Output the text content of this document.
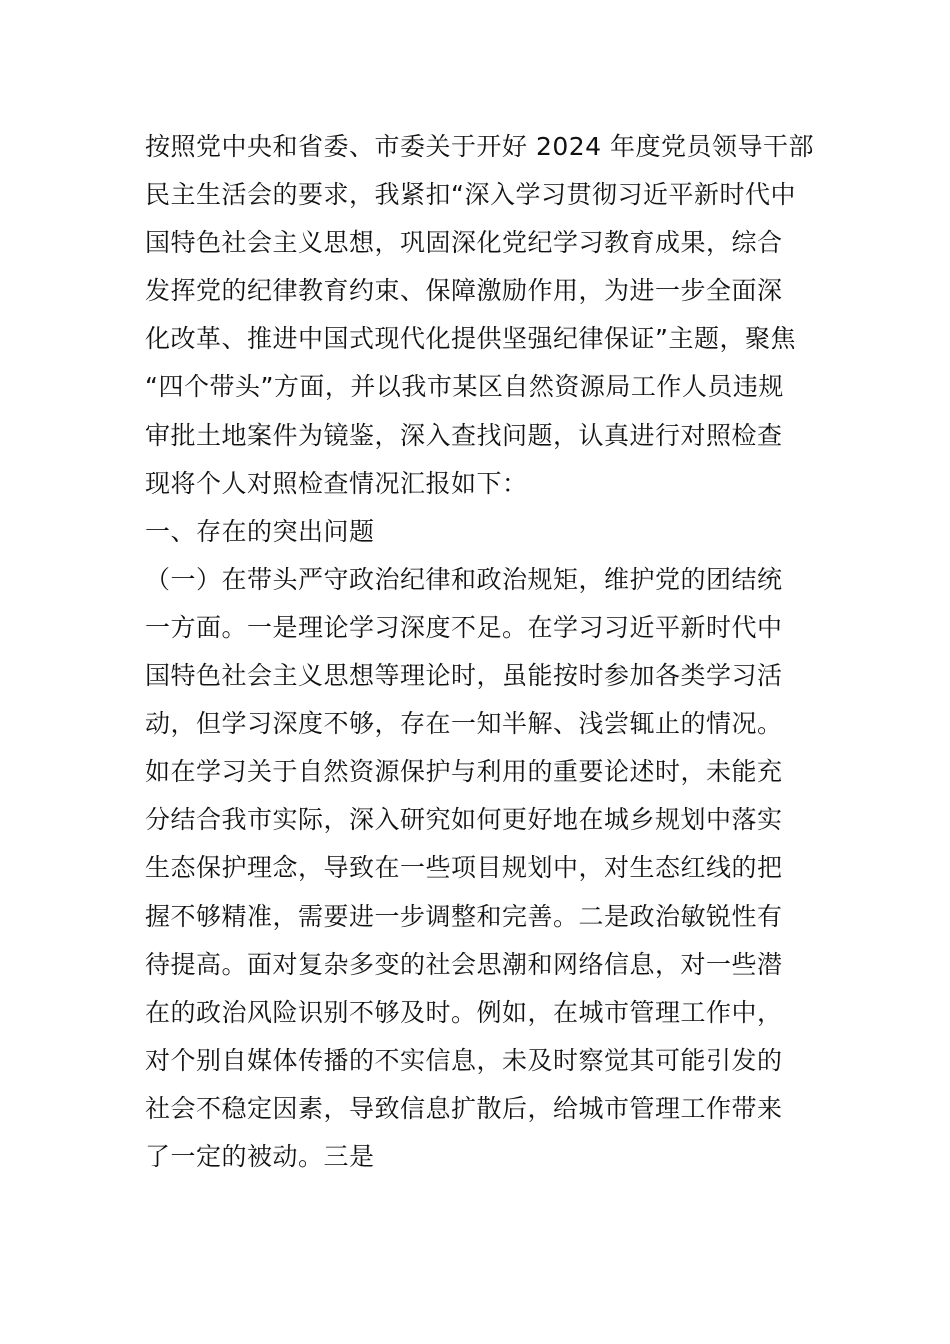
按照党中央和省委、市委关于开好 2024 年度党员领导干部
民主生活会的要求，我紧扣“深入学习贯彻习近平新时代中
国特色社会主义思想，巩固深化党纪学习教育成果，综合
发挥党的纪律教育约束、保障激励作用，为进一步全面深
化改革、推进中国式现代化提供坚强纪律保证”主题，聚焦
“四个带头”方面，并以我市某区自然资源局工作人员违规
审批土地案件为镜鉴，深入查找问题，认真进行对照检查
现将个人对照检查情况汇报如下：
一、存在的突出问题
（一）在带头严守政治纪律和政治规矩，维护党的团结统
一方面。一是理论学习深度不足。在学习习近平新时代中
国特色社会主义思想等理论时，虽能按时参加各类学习活
动，但学习深度不够，存在一知半解、浅尝辄止的情况。
如在学习关于自然资源保护与利用的重要论述时，未能充
分结合我市实际，深入研究如何更好地在城乡规划中落实
生态保护理念，导致在一些项目规划中，对生态红线的把
握不够精准，需要进一步调整和完善。二是政治敏锐性有
待提高。面对复杂多变的社会思潮和网络信息，对一些潜
在的政治风险识别不够及时。例如，在城市管理工作中，
对个别自媒体传播的不实信息，未及时察觉其可能引发的
社会不稳定因素，导致信息扩散后，给城市管理工作带来
了一定的被动。三是
